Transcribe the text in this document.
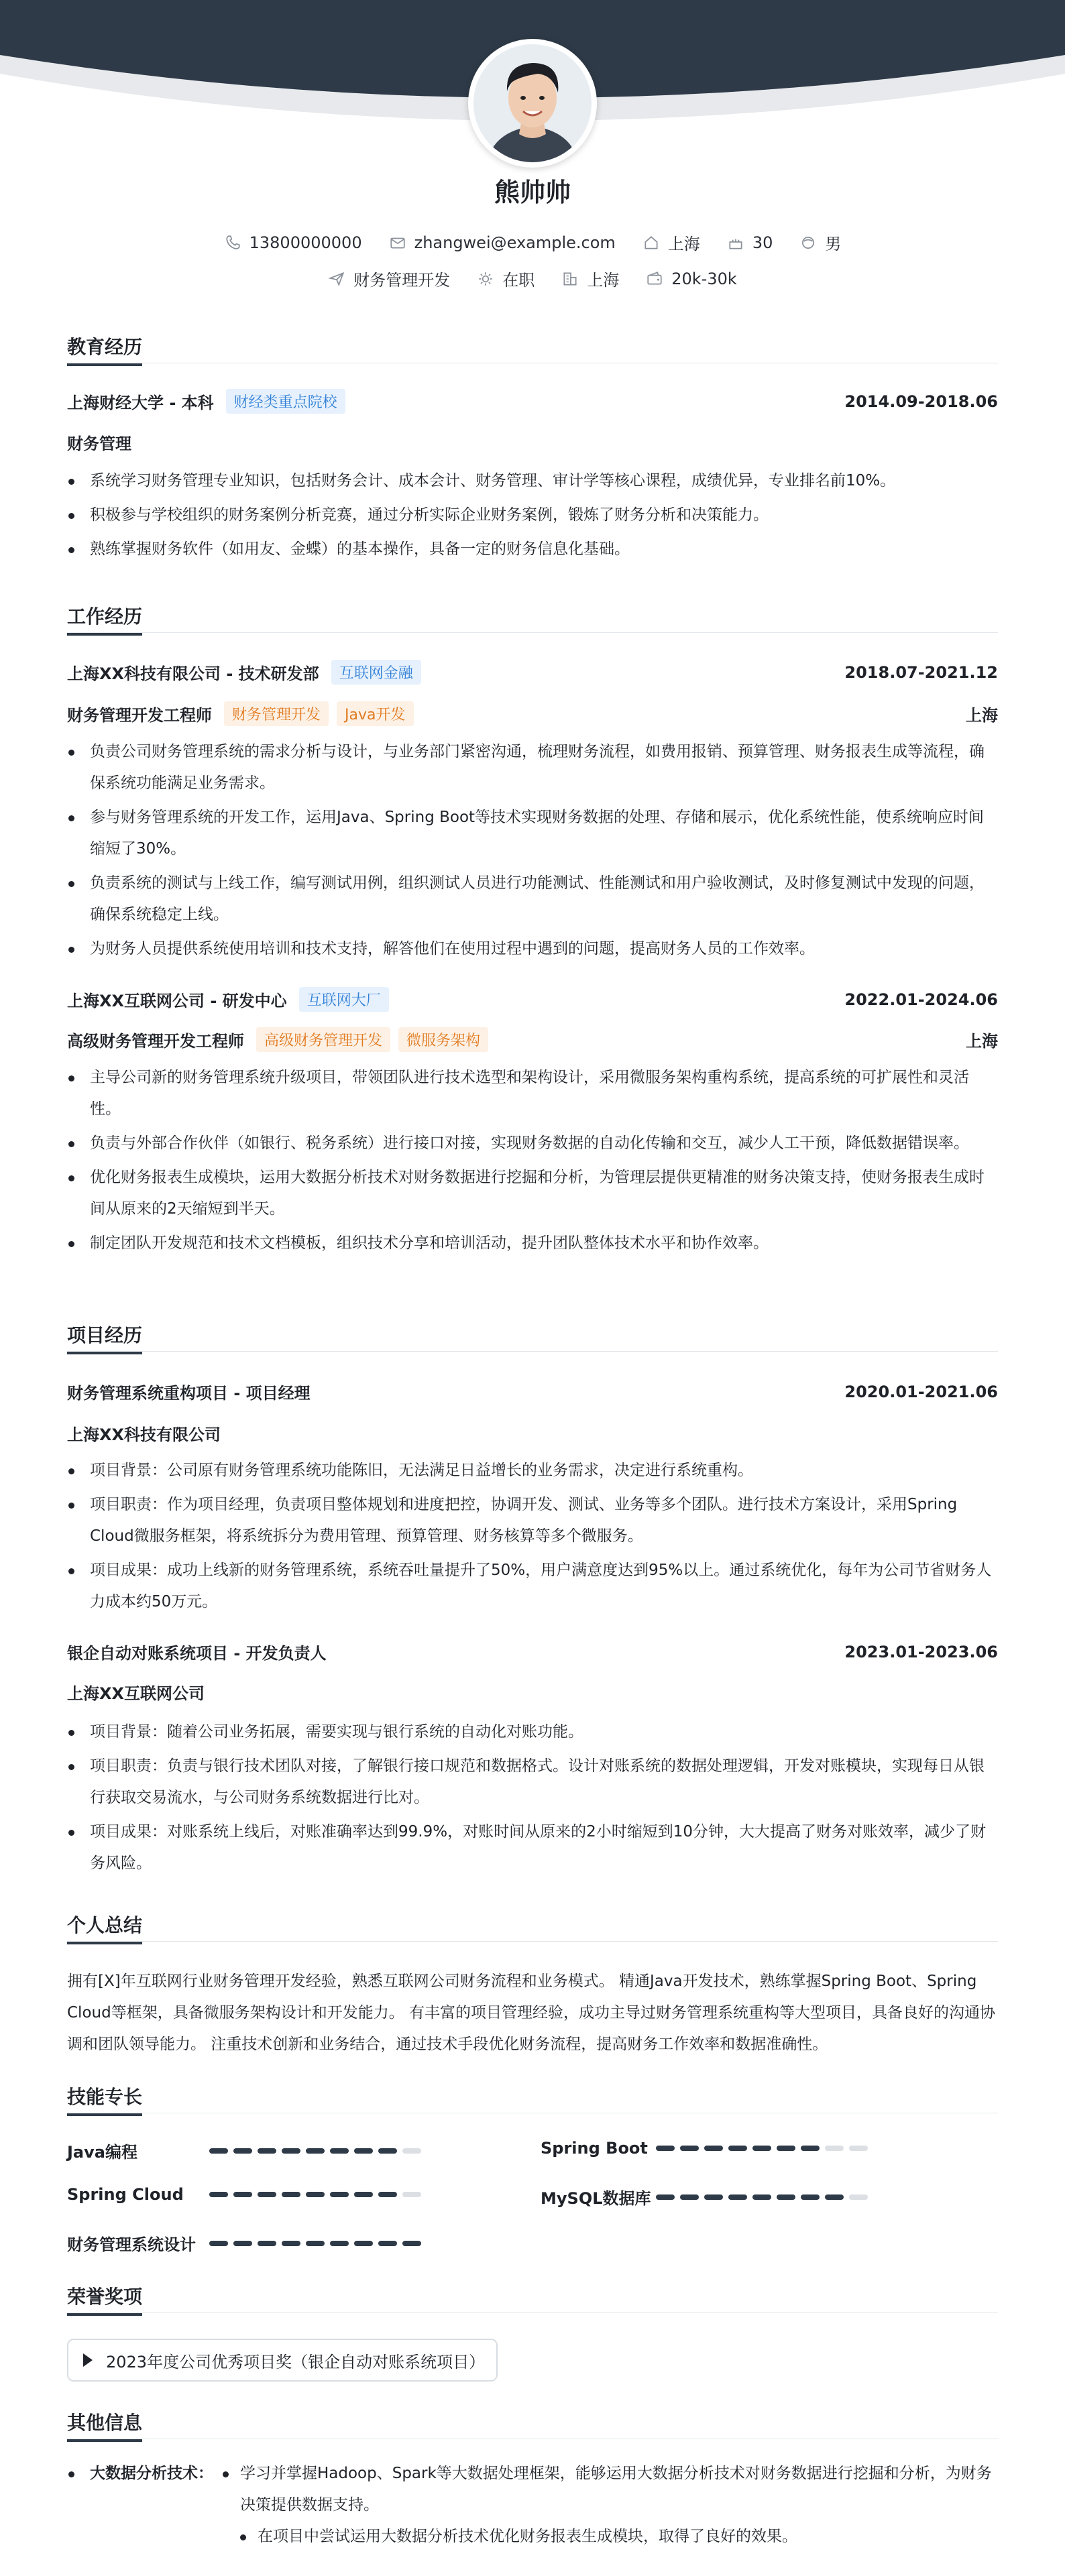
熊帅帅
13800000000	zhangwei@example.com	上海	30	男
财务管理开发	在职	上海	20k-30k
教育经历
上海财经大学 - 本科	财经类重点院校	2014.09-2018.06
财务管理
系统学习财务管理专业知识，包括财务会计、成本会计、财务管理、审计学等核心课程，成绩优异，专业排名前10%。
积极参与学校组织的财务案例分析竞赛，通过分析实际企业财务案例，锻炼了财务分析和决策能力。
熟练掌握财务软件（如用友、金蝶）的基本操作，具备一定的财务信息化基础。
工作经历
上海XX科技有限公司 - 技术研发部	互联网金融	2018.07-2021.12
财务管理开发工程师	财务管理开发	Java开发	上海
负责公司财务管理系统的需求分析与设计，与业务部门紧密沟通，梳理财务流程，如费用报销、预算管理、财务报表生成等流程，确保系统功能满足业务需求。
参与财务管理系统的开发工作，运用Java、Spring Boot等技术实现财务数据的处理、存储和展示，优化系统性能，使系统响应时间缩短了30%。
负责系统的测试与上线工作，编写测试用例，组织测试人员进行功能测试、性能测试和用户验收测试，及时修复测试中发现的问题，确保系统稳定上线。
为财务人员提供系统使用培训和技术支持，解答他们在使用过程中遇到的问题，提高财务人员的工作效率。
上海XX互联网公司 - 研发中心	互联网大厂	2022.01-2024.06
高级财务管理开发工程师	高级财务管理开发	微服务架构	上海
主导公司新的财务管理系统升级项目，带领团队进行技术选型和架构设计，采用微服务架构重构系统，提高系统的可扩展性和灵活性。
负责与外部合作伙伴（如银行、税务系统）进行接口对接，实现财务数据的自动化传输和交互，减少人工干预，降低数据错误率。
优化财务报表生成模块，运用大数据分析技术对财务数据进行挖掘和分析，为管理层提供更精准的财务决策支持，使财务报表生成时间从原来的2天缩短到半天。
制定团队开发规范和技术文档模板，组织技术分享和培训活动，提升团队整体技术水平和协作效率。
项目经历
财务管理系统重构项目 - 项目经理	2020.01-2021.06
上海XX科技有限公司
项目背景：公司原有财务管理系统功能陈旧，无法满足日益增长的业务需求，决定进行系统重构。
项目职责：作为项目经理，负责项目整体规划和进度把控，协调开发、测试、业务等多个团队。进行技术方案设计，采用Spring Cloud微服务框架，将系统拆分为费用管理、预算管理、财务核算等多个微服务。
项目成果：成功上线新的财务管理系统，系统吞吐量提升了50%，用户满意度达到95%以上。通过系统优化，每年为公司节省财务人力成本约50万元。
银企自动对账系统项目 - 开发负责人	2023.01-2023.06
上海XX互联网公司
项目背景：随着公司业务拓展，需要实现与银行系统的自动化对账功能。
项目职责：负责与银行技术团队对接，了解银行接口规范和数据格式。设计对账系统的数据处理逻辑，开发对账模块，实现每日从银行获取交易流水，与公司财务系统数据进行比对。
项目成果：对账系统上线后，对账准确率达到99.9%，对账时间从原来的2小时缩短到10分钟，大大提高了财务对账效率，减少了财务风险。
个人总结
拥有[X]年互联网行业财务管理开发经验，熟悉互联网公司财务流程和业务模式。 精通Java开发技术，熟练掌握Spring Boot、Spring Cloud等框架，具备微服务架构设计和开发能力。 有丰富的项目管理经验，成功主导过财务管理系统重构等大型项目，具备良好的沟通协调和团队领导能力。 注重技术创新和业务结合，通过技术手段优化财务流程，提高财务工作效率和数据准确性。
技能专长
Java编程	Spring Boot
Spring Cloud	MySQL数据库
财务管理系统设计
荣誉奖项
2023年度公司优秀项目奖（银企自动对账系统项目）
其他信息
大数据分析技术：	学习并掌握Hadoop、Spark等大数据处理框架，能够运用大数据分析技术对财务数据进行挖掘和分析，为财务决策提供数据支持。
在项目中尝试运用大数据分析技术优化财务报表生成模块，取得了良好的效果。
